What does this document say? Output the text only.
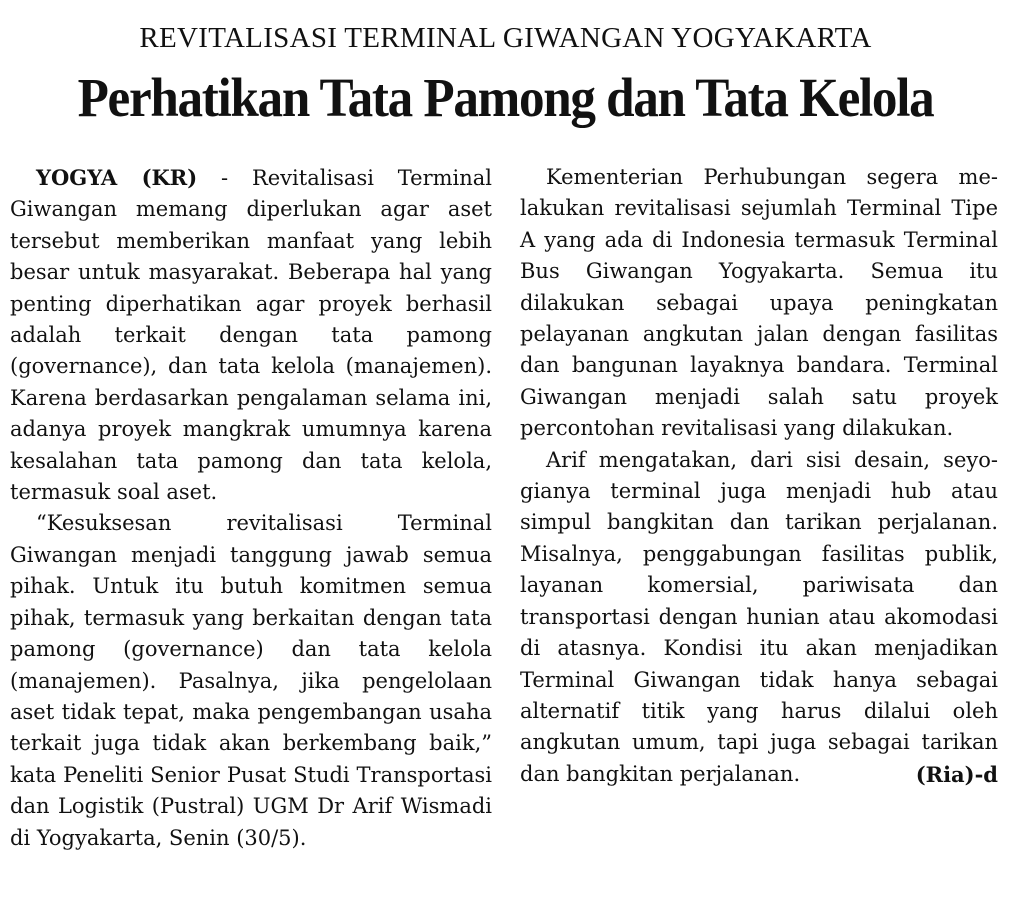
REVITALISASI TERMINAL GIWANGAN YOGYAKARTA
Perhatikan Tata Pamong dan Tata Kelola

YOGYA (KR) - Revitalisasi Terminal Giwangan memang diperlukan agar aset tersebut memberikan manfaat yang lebih besar untuk masyarakat. Beberapa hal yang penting diperhatikan agar proyek berhasil adalah terkait dengan tata pamong (governance), dan tata kelola (manajemen). Karena berdasarkan pengalaman selama ini, adanya proyek mangkrak umumnya karena kesalahan tata pamong dan tata kelola, termasuk soal aset.

“Kesuksesan revitalisasi Terminal Giwangan menjadi tanggung jawab semua pihak. Untuk itu butuh komitmen semua pihak, termasuk yang berkaitan dengan tata pamong (governance) dan tata kelola (manajemen). Pasalnya, jika pengelolaan aset tidak tepat, maka pengembangan usaha terkait juga tidak akan berkembang baik,” kata Peneliti Senior Pusat Studi Transportasi dan Logistik (Pustral) UGM Dr Arif Wismadi di Yogyakarta, Senin (30/5).

Kementerian Perhubungan segera melakukan revitalisasi sejumlah Terminal Tipe A yang ada di Indonesia termasuk Terminal Bus Giwangan Yogyakarta. Semua itu dilakukan sebagai upaya peningkatan pelayanan angkutan jalan dengan fasilitas dan bangunan layaknya bandara. Terminal Giwangan menjadi salah satu proyek percontohan revitalisasi yang dilakukan.

Arif mengatakan, dari sisi desain, seyogianya terminal juga menjadi hub atau simpul bangkitan dan tarikan perjalanan. Misalnya, penggabungan fasilitas publik, layanan komersial, pariwisata dan transportasi dengan hunian atau akomodasi di atasnya. Kondisi itu akan menjadikan Terminal Giwangan tidak hanya sebagai alternatif titik yang harus dilalui oleh angkutan umum, tapi juga sebagai tarikan dan bangkitan perjalanan.	(Ria)-d
